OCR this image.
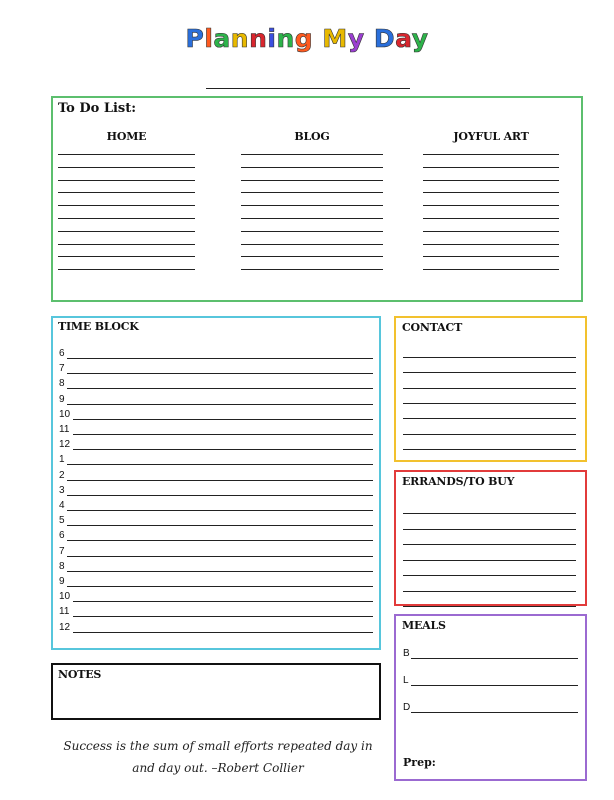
Planning My Day
To Do List:
TIME BLOCK	CONTACT
ERRANDS/TO BUY
MEALS
Prep:
NOTES
Success is the sum of small efforts repeated day in
and day out. –Robert Collier
HOME	BLOG	JOYFUL ART
6
7
8
9
10
11
12
1
2
3
4
5
6
7
8
9
10
11
12
B
L
D
